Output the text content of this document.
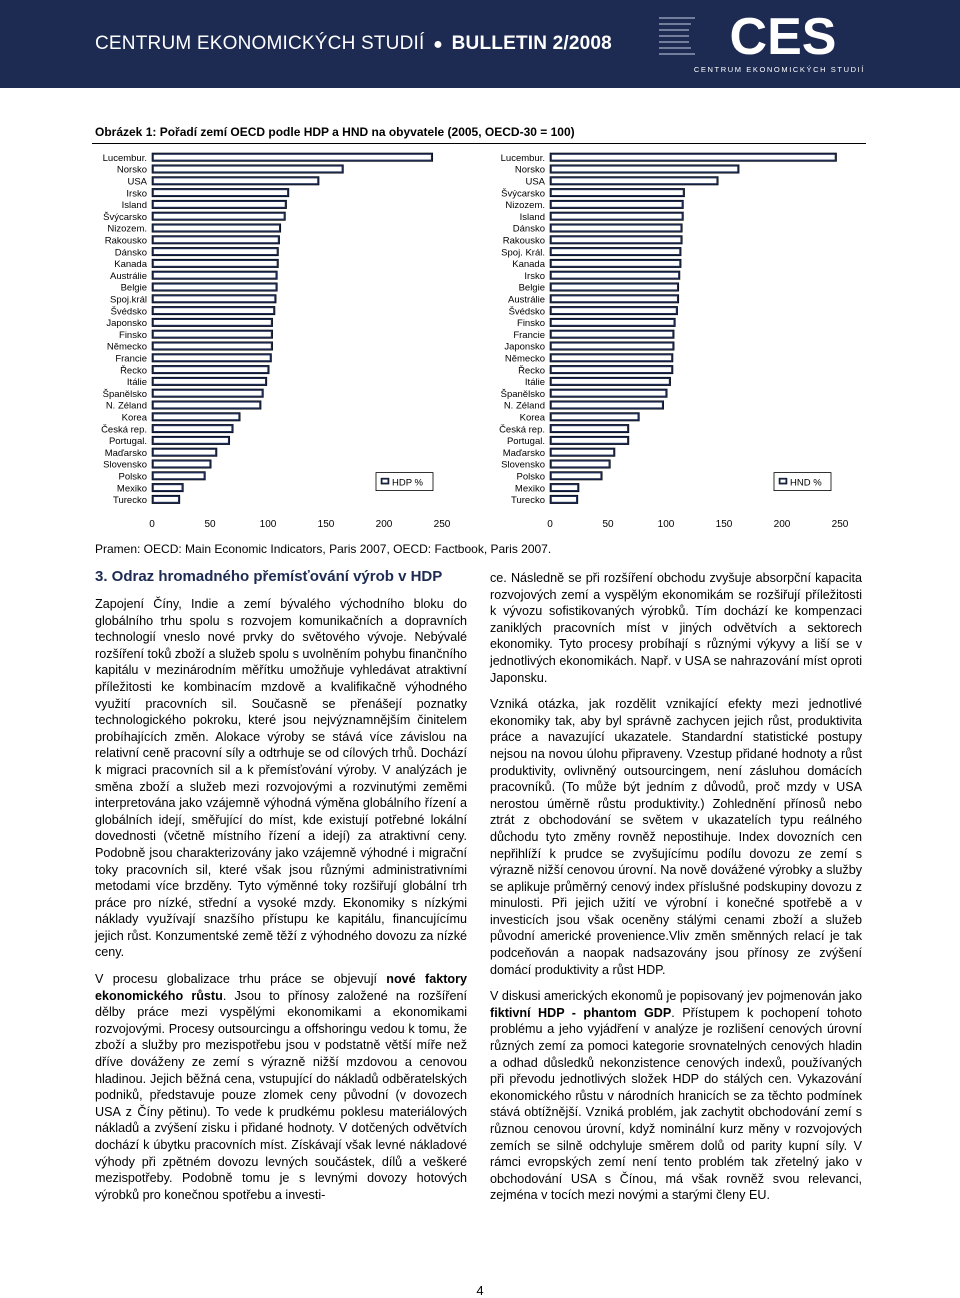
CENTRUM EKONOMICKÝCH STUDIÍ ● BULLETIN 2/2008 CES
CENTRUM EKONOMICKÝCH STUDIÍ
Obrázek 1: Pořadí zemí OECD podle HDP a HND na obyvatele (2005, OECD-30 = 100)
Lucembur.
Norsko
USA
Irsko
Island
Švýcarsko
Nizozem.
Rakousko
Dánsko
Kanada
Austrálie
Belgie
Spoj.král
Švédsko
Japonsko
Finsko
Německo
Francie
Řecko
Itálie
Španělsko
N. Zéland
Korea
Česká rep.
Portugal.
Maďarsko
Slovensko
Polsko
Mexiko
Turecko
0	50	100	150	200	250
HDP %
Lucembur.
Norsko
USA
Švýcarsko
Nizozem.
Island
Dánsko
Rakousko
Spoj. Král.
Kanada
Irsko
Belgie
Austrálie
Švédsko
Finsko
Francie
Japonsko
Německo
Řecko
Itálie
Španělsko
N. Zéland
Korea
Česká rep.
Portugal.
Maďarsko
Slovensko
Polsko
Mexiko
Turecko
0	50	100	150	200	250
HND %
Pramen: OECD: Main Economic Indicators, Paris 2007, OECD: Factbook, Paris 2007.
3. Odraz hromadného přemísťování výrob v HDP

Zapojení Číny, Indie a zemí bývalého východního bloku do globálního trhu spolu s rozvojem komunikačních a dopravních technologií vneslo nové prvky do světového vývoje. Nebývalé rozšíření toků zboží a služeb spolu s uvolněním pohybu finančního kapitálu v mezinárodním měřítku umožňuje vyhledávat atraktivní příležitosti ke kombinacím mzdově a kvalifikačně výhodného využití pracovních sil. Současně se přenášejí poznatky technologického pokroku, které jsou nejvýznamnějším činitelem probíhajících změn. Alokace výroby se stává více závislou na relativní ceně pracovní síly a odtrhuje se od cílových trhů. Dochází k migraci pracovních sil a k přemísťování výroby. V analýzách je směna zboží a služeb mezi rozvojovými a rozvinutými zeměmi interpretována jako vzájemně výhodná výměna globálního řízení a globálních idejí, směřující do míst, kde existují potřebné lokální dovednosti (včetně místního řízení a idejí) za atraktivní ceny. Podobně jsou charakterizovány jako vzájemně výhodné i migrační toky pracovních sil, které však jsou různými administrativními metodami více brzděny. Tyto výměnné toky rozšiřují globální trh práce pro nízké, střední a vysoké mzdy. Ekonomiky s nízkými náklady využívají snazšího přístupu ke kapitálu, financujícímu jejich růst. Konzumentské země těží z výhodného dovozu za nízké ceny.

V procesu globalizace trhu práce se objevují nové faktory ekonomického růstu. Jsou to přínosy založené na rozšíření dělby práce mezi vyspělými ekonomikami a ekonomikami rozvojovými. Procesy outsourcingu a offshoringu vedou k tomu, že zboží a služby pro mezispotřebu jsou v podstatně větší míře než dříve dováženy ze zemí s výrazně nižší mzdovou a cenovou hladinou. Jejich běžná cena, vstupující do nákladů odběratelských podniků, představuje pouze zlomek ceny původní (v dovozech USA z Číny pětinu). To vede k prudkému poklesu materiálových nákladů a zvýšení zisku i přidané hodnoty. V dotčených odvětvích dochází k úbytku pracovních míst. Získávají však levné nákladové výhody při zpětném dovozu levných součástek, dílů a veškeré mezispotřeby. Podobně tomu je s levnými dovozy hotových výrobků pro konečnou spotřebu a investi-

ce. Následně se při rozšíření obchodu zvyšuje absorpční kapacita rozvojových zemí a vyspělým ekonomikám se rozšiřují příležitosti k vývozu sofistikovaných výrobků. Tím dochází ke kompenzaci zaniklých pracovních míst v jiných odvětvích a sektorech ekonomiky. Tyto procesy probíhají s různými výkyvy a liší se v jednotlivých ekonomikách. Např. v USA se nahrazování míst oproti Japonsku.

Vzniká otázka, jak rozdělit vznikající efekty mezi jednotlivé ekonomiky tak, aby byl správně zachycen jejich růst, produktivita práce a navazující ukazatele. Standardní statistické postupy nejsou na novou úlohu připraveny. Vzestup přidané hodnoty a růst produktivity, ovlivněný outsourcingem, není zásluhou domácích pracovníků. (To může být jedním z důvodů, proč mzdy v USA nerostou úměrně růstu produktivity.) Zohlednění přínosů nebo ztrát z obchodování se světem v ukazatelích typu reálného důchodu tyto změny rovněž nepostihuje. Index dovozních cen nepřihlíží k prudce se zvyšujícímu podílu dovozu ze zemí s výrazně nižší cenovou úrovní. Na nově dovážené výrobky a služby se aplikuje průměrný cenový index příslušné podskupiny dovozu z minulosti. Při jejich užití ve výrobní i konečné spotřebě a v investicích jsou však oceněny stálými cenami zboží a služeb původní americké provenience.Vliv změn směnných relací je tak podceňován a naopak nadsazovány jsou přínosy ze zvýšení domácí produktivity a růst HDP.

V diskusi amerických ekonomů je popisovaný jev pojmenován jako fiktivní HDP - phantom GDP. Přístupem k pochopení tohoto problému a jeho vyjádření v analýze je rozlišení cenových úrovní různých zemí za pomoci kategorie srovnatelných cenových hladin a odhad důsledků nekonzistence cenových indexů, používaných při převodu jednotlivých složek HDP do stálých cen. Vykazování ekonomického růstu v národních hranicích se za těchto podmínek stává obtížnější. Vzniká problém, jak zachytit obchodování zemí s různou cenovou úrovní, když nominální kurz měny v rozvojových zemích se silně odchyluje směrem dolů od parity kupní síly. V rámci evropských zemí není tento problém tak zřetelný jako v obchodování USA s Čínou, má však rovněž svou relevanci, zejména v tocích mezi novými a starými členy EU.

4
